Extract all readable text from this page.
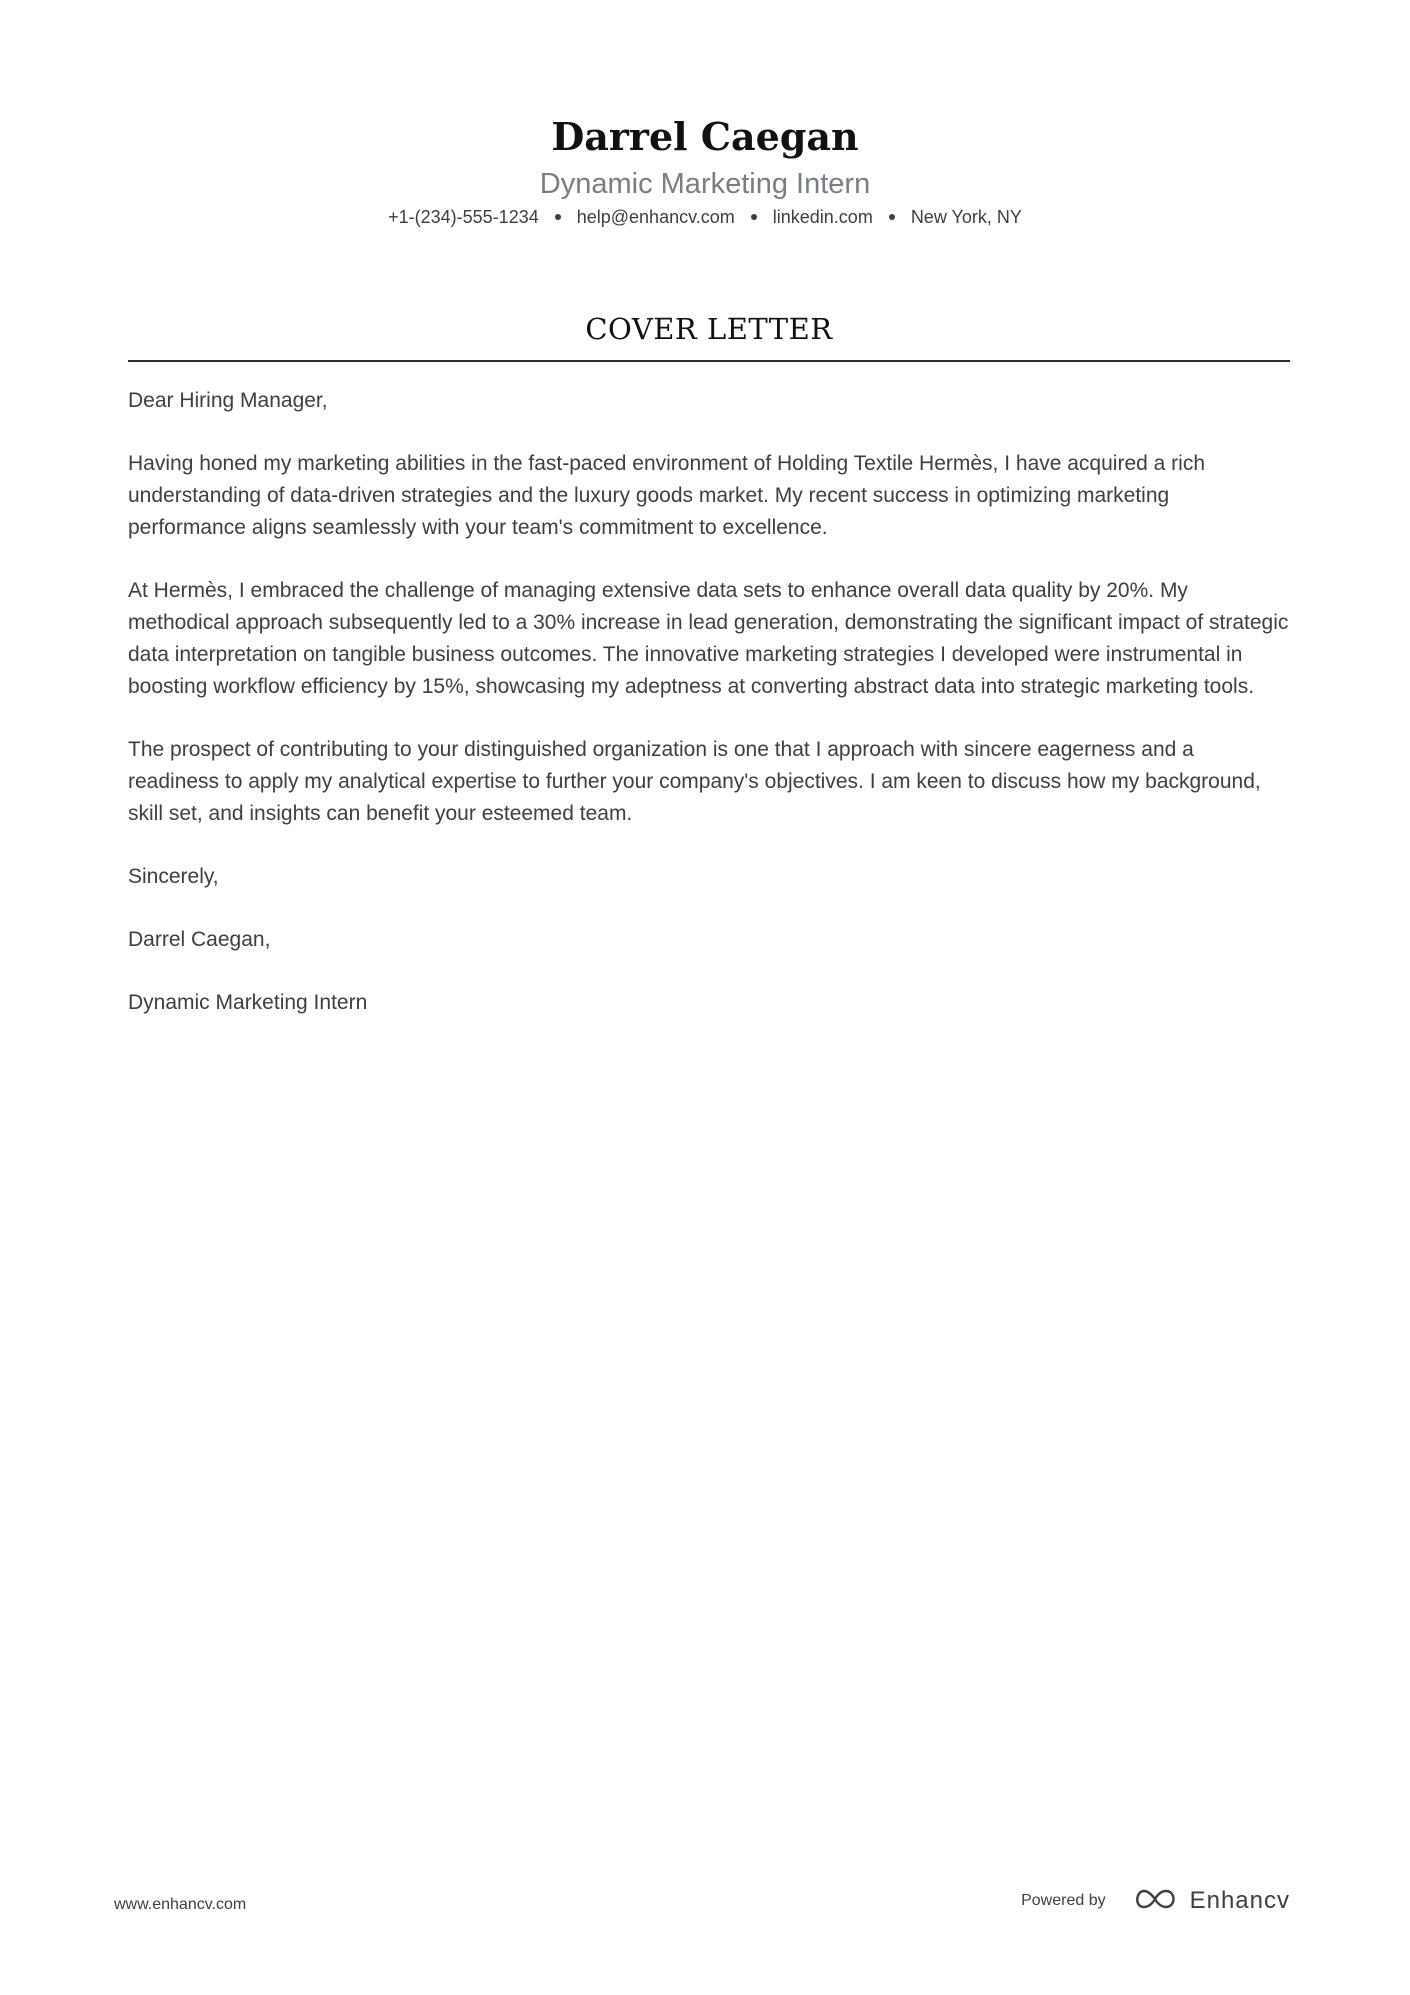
Darrel Caegan
Dynamic Marketing Intern
+1-(234)-555-1234 help@enhancv.com linkedin.com New York, NY
COVER LETTER

Dear Hiring Manager,

Having honed my marketing abilities in the fast-paced environment of Holding Textile Hermès, I have acquired a rich understanding of data-driven strategies and the luxury goods market. My recent success in optimizing marketing performance aligns seamlessly with your team's commitment to excellence.

At Hermès, I embraced the challenge of managing extensive data sets to enhance overall data quality by 20%. My methodical approach subsequently led to a 30% increase in lead generation, demonstrating the significant impact of strategic data interpretation on tangible business outcomes. The innovative marketing strategies I developed were instrumental in boosting workflow efficiency by 15%, showcasing my adeptness at converting abstract data into strategic marketing tools.

The prospect of contributing to your distinguished organization is one that I approach with sincere eagerness and a readiness to apply my analytical expertise to further your company's objectives. I am keen to discuss how my background, skill set, and insights can benefit your esteemed team.

Sincerely,

Darrel Caegan,

Dynamic Marketing Intern

www.enhancv.com	Powered by	Enhancv
